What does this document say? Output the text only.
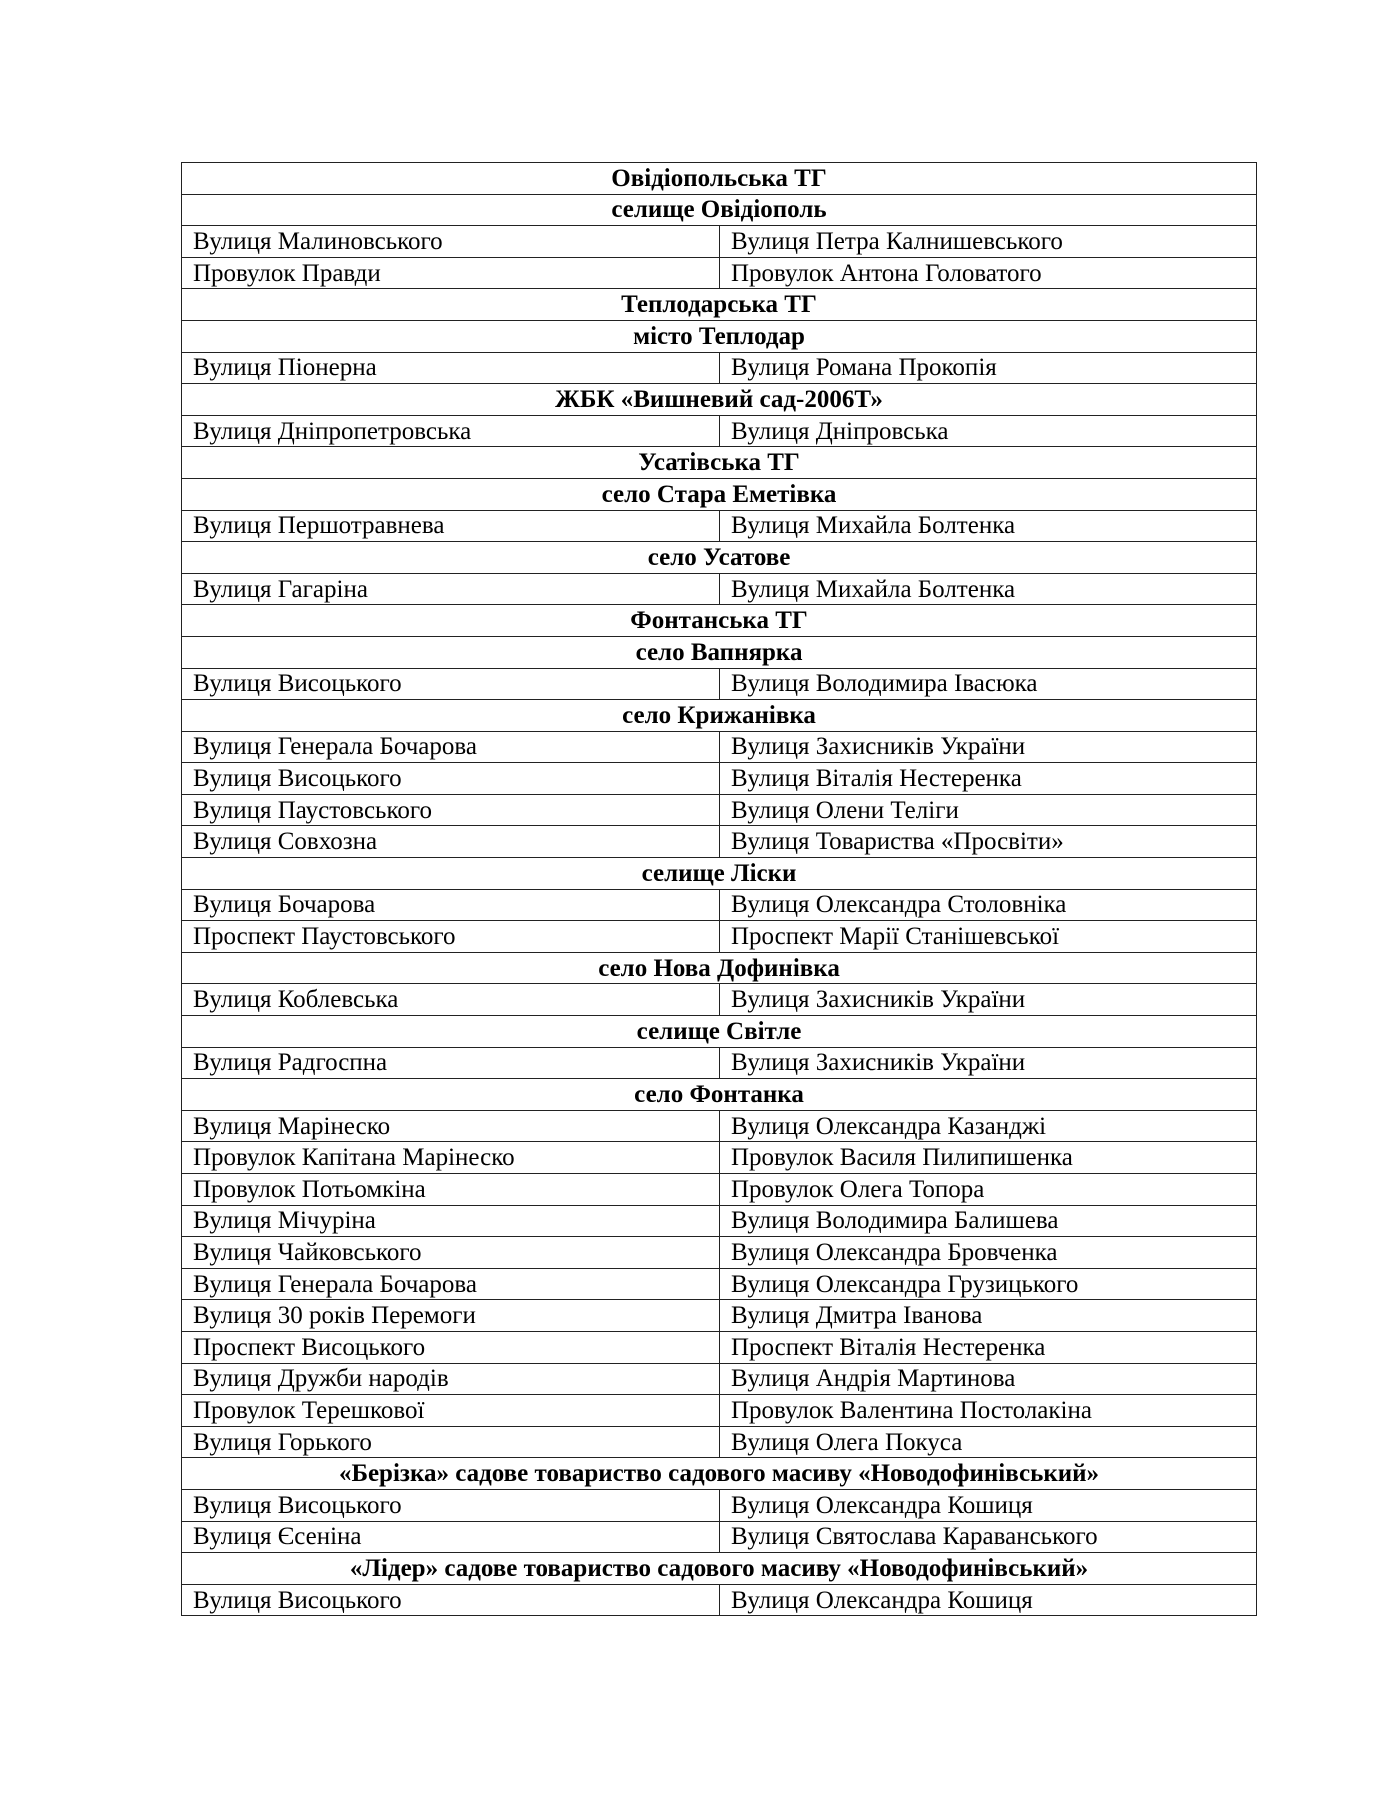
Овідіопольська ТГ	
селище Овідіополь	
Вулиця Малиновського	Вулиця Петра Калнишевського
Провулок Правди	Провулок Антона Головатого
Теплодарська ТГ	
місто Теплодар	
Вулиця Піонерна	Вулиця Романа Прокопія
ЖБК «Вишневий сад-2006Т»	
Вулиця Дніпропетровська	Вулиця Дніпровська
Усатівська ТГ	
село Стара Еметівка	
Вулиця Першотравнева	Вулиця Михайла Болтенка
село Усатове	
Вулиця Гагаріна	Вулиця Михайла Болтенка
Фонтанська ТГ	
село Вапнярка	
Вулиця Висоцького	Вулиця Володимира Івасюка
село Крижанівка	
Вулиця Генерала Бочарова	Вулиця Захисників України
Вулиця Висоцького	Вулиця Віталія Нестеренка
Вулиця Паустовського	Вулиця Олени Теліги
Вулиця Совхозна	Вулиця Товариства «Просвіти»
селище Ліски	
Вулиця Бочарова	Вулиця Олександра Столовніка
Проспект Паустовського	Проспект Марії Станішевської
село Нова Дофинівка	
Вулиця Коблевська	Вулиця Захисників України
селище Світле	
Вулиця Радгоспна	Вулиця Захисників України
село Фонтанка	
Вулиця Марінеско	Вулиця Олександра Казанджі
Провулок Капітана Марінеско	Провулок Василя Пилипишенка
Провулок Потьомкіна	Провулок Олега Топора
Вулиця Мічуріна	Вулиця Володимира Балишева
Вулиця Чайковського	Вулиця Олександра Бровченка
Вулиця Генерала Бочарова	Вулиця Олександра Грузицького
Вулиця 30 років Перемоги	Вулиця Дмитра Іванова
Проспект Висоцького	Проспект Віталія Нестеренка
Вулиця Дружби народів	Вулиця Андрія Мартинова
Провулок Терешкової	Провулок Валентина Постолакіна
Вулиця Горького	Вулиця Олега Покуса
«Берізка» садове товариство садового масиву «Новодофинівський»	
Вулиця Висоцького	Вулиця Олександра Кошиця
Вулиця Єсеніна	Вулиця Святослава Караванського
«Лідер» садове товариство садового масиву «Новодофинівський»	
Вулиця Висоцького	Вулиця Олександра Кошиця
